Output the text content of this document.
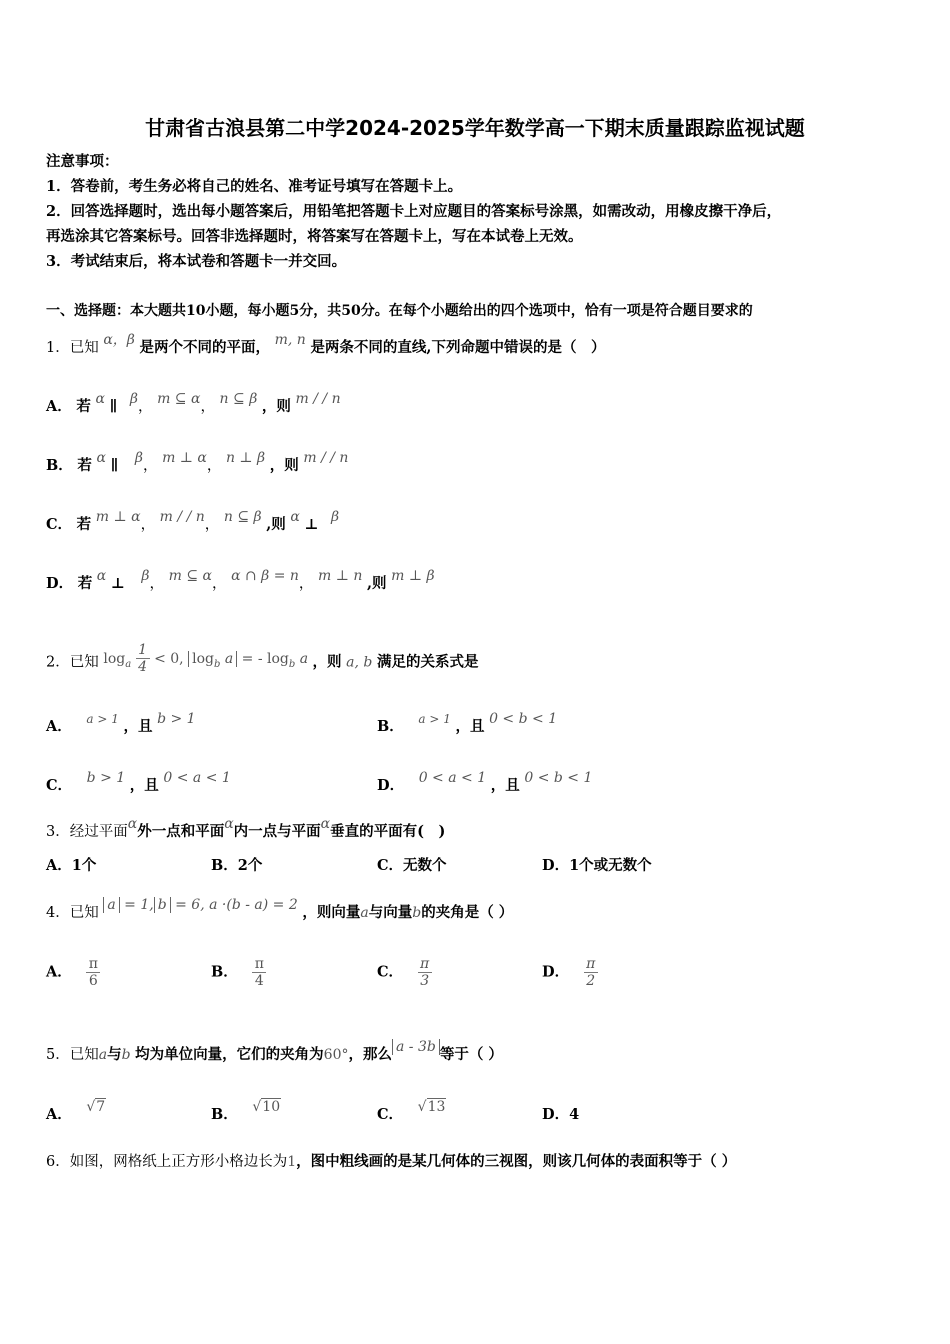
甘肃省古浪县第二中学2024-2025学年数学高一下期末质量跟踪监视试题
注意事项：
1．答卷前，考生务必将自己的姓名、准考证号填写在答题卡上。
2．回答选择题时，选出每小题答案后，用铅笔把答题卡上对应题目的答案标号涂黑，如需改动，用橡皮擦干净后，
再选涂其它答案标号。回答非选择题时，将答案写在答题卡上，写在本试卷上无效。
3．考试结束后，将本试卷和答题卡一并交回。
一、选择题：本大题共10小题，每小题5分，共50分。在每个小题给出的四个选项中，恰有一项是符合题目要求的
1．已知 α，β 是两个不同的平面， m, n 是两条不同的直线,下列命题中错误的是（　）
A． 若 α ∥ β， m ⊆ α， n ⊆ β ，则 m / / n
B． 若 α ∥ β， m ⊥ α， n ⊥ β ，则 m / / n
C． 若 m ⊥ α， m / / n， n ⊆ β ,则 α ⊥ β
D． 若 α ⊥ β， m ⊆ α， α ∩ β = n， m ⊥ n ,则 m ⊥ β
2．已知 $\log_a \frac{1}{4} < 0$, $\log_b a$ = - $\log_b a$ ，则 a, b 满足的关系式是
A． $^{a > 1}$ ，且 b > 1	B． $^{a > 1}$ ，且 0 < b < 1
C． b > 1 ，且 0 < a < 1	D． 0 < a < 1 ，且 0 < b < 1
3．经过平面α外一点和平面α内一点与平面α垂直的平面有(　)
A．1个	B．2个	C．无数个	D．1个或无数个
4．已知 a = 1, b = 6, a ·(b - a) = 2 ，则向量a与向量b的夹角是（ ）
A． $\frac{\pi}{6}$	B． $\frac{\pi}{4}$	C． $\frac{\pi}{3}$	D． $\frac{\pi}{2}$
5．已知a与b 均为单位向量，它们的夹角为60°，那么 a - 3b 等于（ ）
A． √7	B． √10	C． √13	D．4
6．如图，网格纸上正方形小格边长为1，图中粗线画的是某几何体的三视图，则该几何体的表面积等于（ ）
